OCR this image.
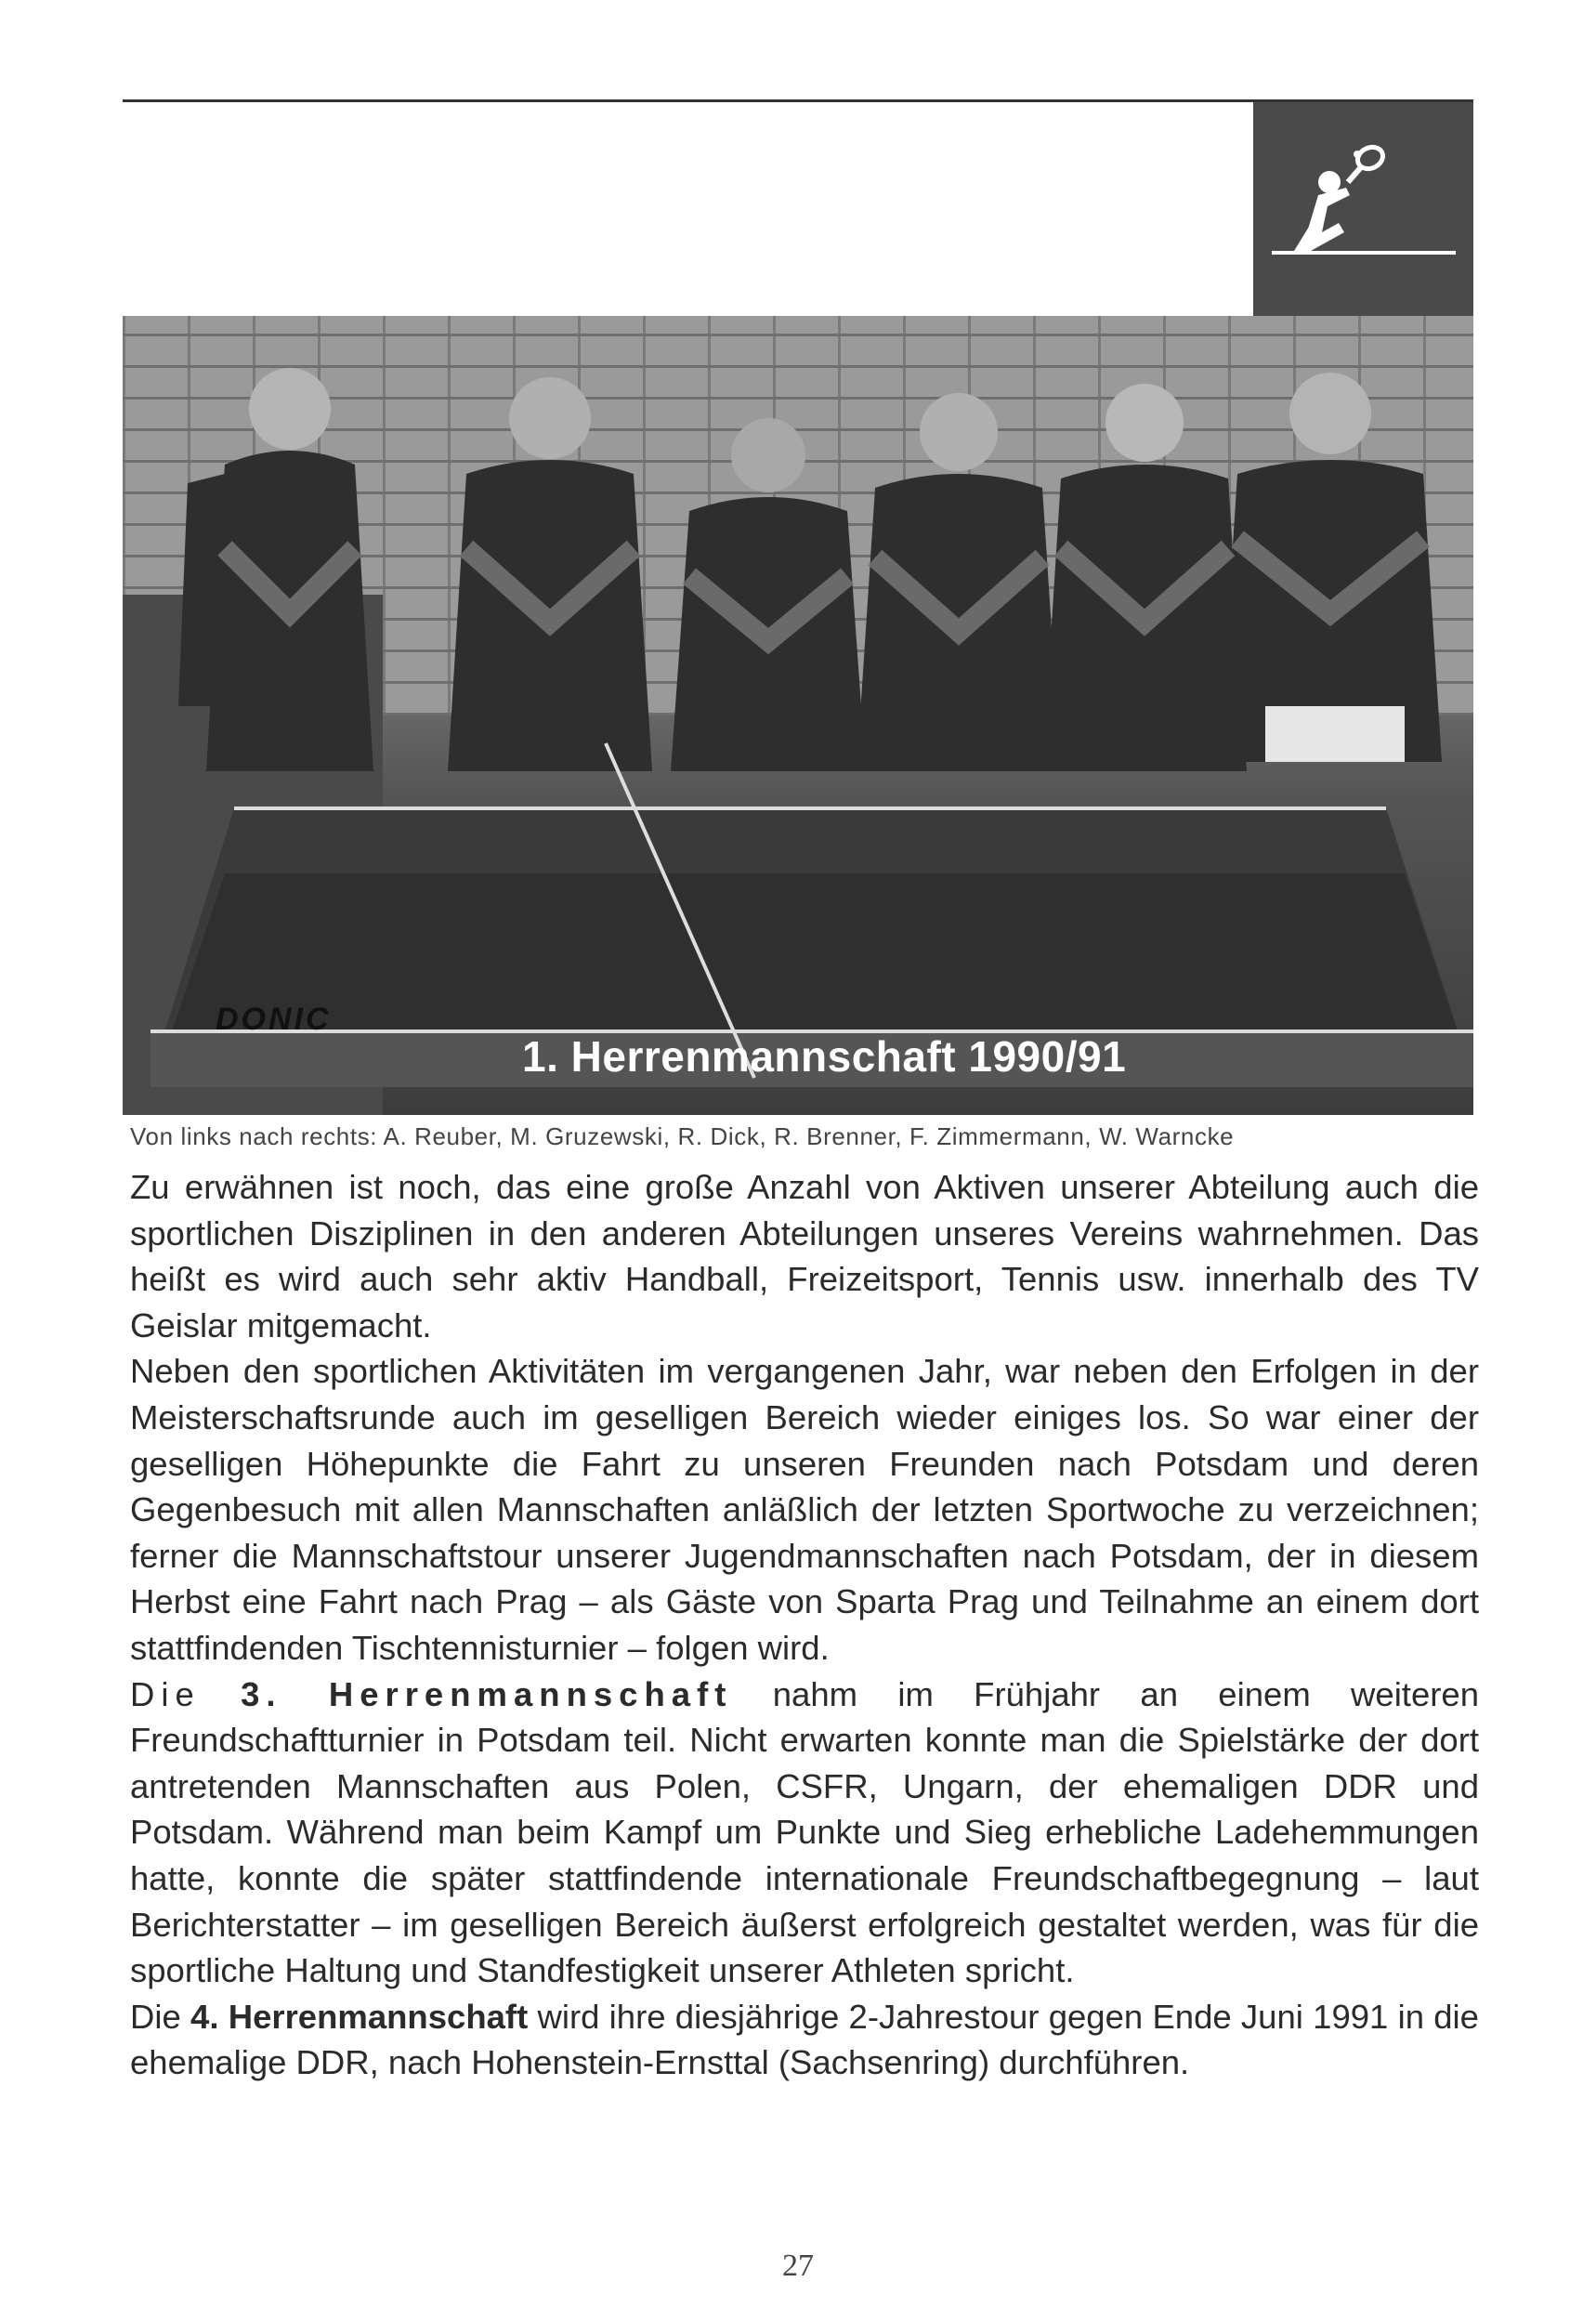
DONIC
1. Herrenmannschaft 1990/91
Von links nach rechts: A. Reuber, M. Gruzewski, R. Dick, R. Brenner, F. Zimmermann, W. Warncke

Zu erwähnen ist noch, das eine große Anzahl von Aktiven unserer Abteilung auch die sportlichen Disziplinen in den anderen Abteilungen unseres Vereins wahrnehmen. Das heißt es wird auch sehr aktiv Handball, Freizeitsport, Tennis usw. innerhalb des TV Geislar mitgemacht.

Neben den sportlichen Aktivitäten im vergangenen Jahr, war neben den Erfolgen in der Meisterschaftsrunde auch im geselligen Bereich wieder einiges los. So war einer der geselligen Höhepunkte die Fahrt zu unseren Freunden nach Potsdam und deren Gegenbesuch mit allen Mannschaften anläßlich der letzten Sportwoche zu verzeichnen; ferner die Mannschaftstour unserer Jugendmannschaften nach Potsdam, der in diesem Herbst eine Fahrt nach Prag – als Gäste von Sparta Prag und Teilnahme an einem dort stattfindenden Tischtennisturnier – folgen wird.

Die 3. Herrenmannschaft nahm im Frühjahr an einem weiteren Freundschaftturnier in Potsdam teil. Nicht erwarten konnte man die Spielstärke der dort antretenden Mannschaften aus Polen, CSFR, Ungarn, der ehemaligen DDR und Potsdam. Während man beim Kampf um Punkte und Sieg erhebliche Ladehemmungen hatte, konnte die später stattfindende internationale Freundschaftbegegnung – laut Berichterstatter – im geselligen Bereich äußerst erfolgreich gestaltet werden, was für die sportliche Haltung und Standfestigkeit unserer Athleten spricht.

Die 4. Herrenmannschaft wird ihre diesjährige 2-Jahrestour gegen Ende Juni 1991 in die ehemalige DDR, nach Hohenstein-Ernsttal (Sachsenring) durchführen.

27
